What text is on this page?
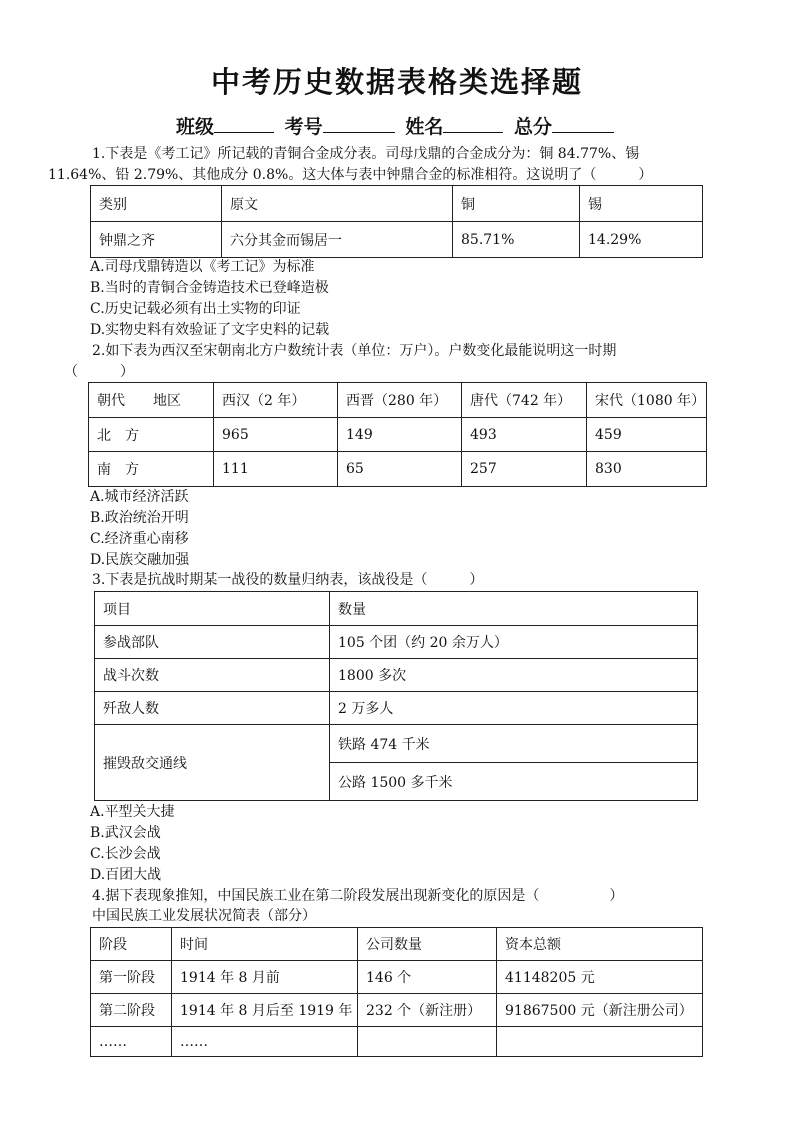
中考历史数据表格类选择题
班级	考号	姓名	总分
1.下表是《考工记》所记载的青铜合金成分表。司母戊鼎的合金成分为：铜 84.77%、锡
11.64%、铅 2.79%、其他成分 0.8%。这大体与表中钟鼎合金的标准相符。这说明了（　　　）
类别	原文	铜	锡
钟鼎之齐	六分其金而锡居一	85.71%	14.29%
A.司母戊鼎铸造以《考工记》为标准
B.当时的青铜合金铸造技术已登峰造极
C.历史记载必须有出土实物的印证
D.实物史料有效验证了文字史料的记载
2.如下表为西汉至宋朝南北方户数统计表（单位：万户）。户数变化最能说明这一时期
（　　　）
朝代　　地区	西汉（2 年）	西晋（280 年）	唐代（742 年）	宋代（1080 年）
北　方	965	149	493	459
南　方	111	65	257	830
A.城市经济活跃
B.政治统治开明
C.经济重心南移
D.民族交融加强
3.下表是抗战时期某一战役的数量归纳表，该战役是（　　　）
项目	数量
参战部队	105 个团（约 20 余万人）
战斗次数	1800 多次
歼敌人数	2 万多人
摧毁敌交通线	铁路 474 千米
	公路 1500 多千米
A.平型关大捷
B.武汉会战
C.长沙会战
D.百团大战
4.据下表现象推知，中国民族工业在第二阶段发展出现新变化的原因是（　　　　　）
中国民族工业发展状况简表（部分）
阶段	时间	公司数量	资本总额
第一阶段	1914 年 8 月前	146 个	41148205 元
第二阶段	1914 年 8 月后至 1919 年	232 个（新注册）	91867500 元（新注册公司）
……	……		
